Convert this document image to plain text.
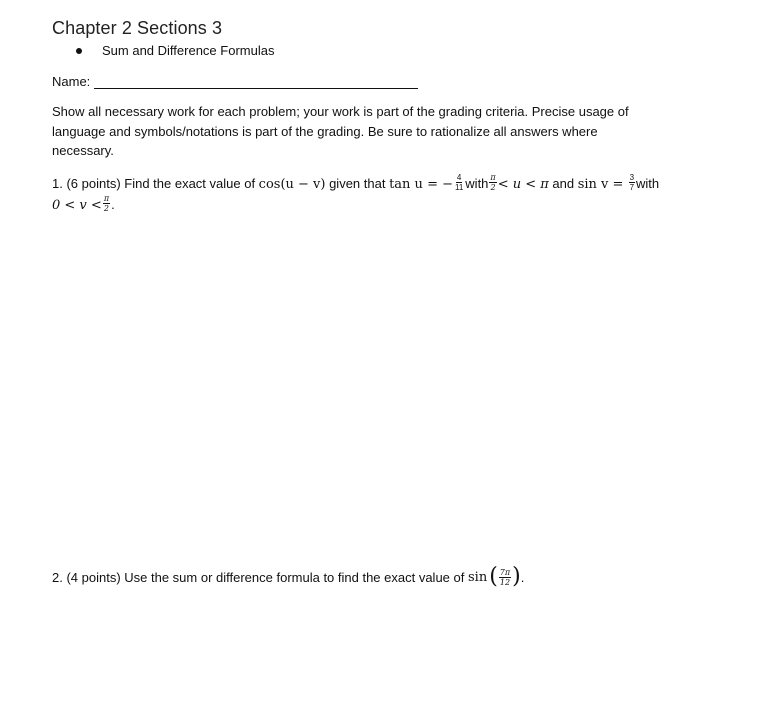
Chapter 2 Sections 3
Sum and Difference Formulas
Name:
Show all necessary work for each problem; your work is part of the grading criteria. Precise usage of language and symbols/notations is part of the grading. Be sure to rationalize all answers where necessary.
1. (6 points) Find the exact value of cos(u − v) given that tan u = − $\frac{4}{11}$ with $\frac{\pi}{2} < u < \pi$ and $\sin v = \frac{3}{7}$ with
$0 < v < \frac{\pi}{2}$ .
2. (4 points) Use the sum or difference formula to find the exact value of sin ( $\frac{7\pi}{12}$ ) .
